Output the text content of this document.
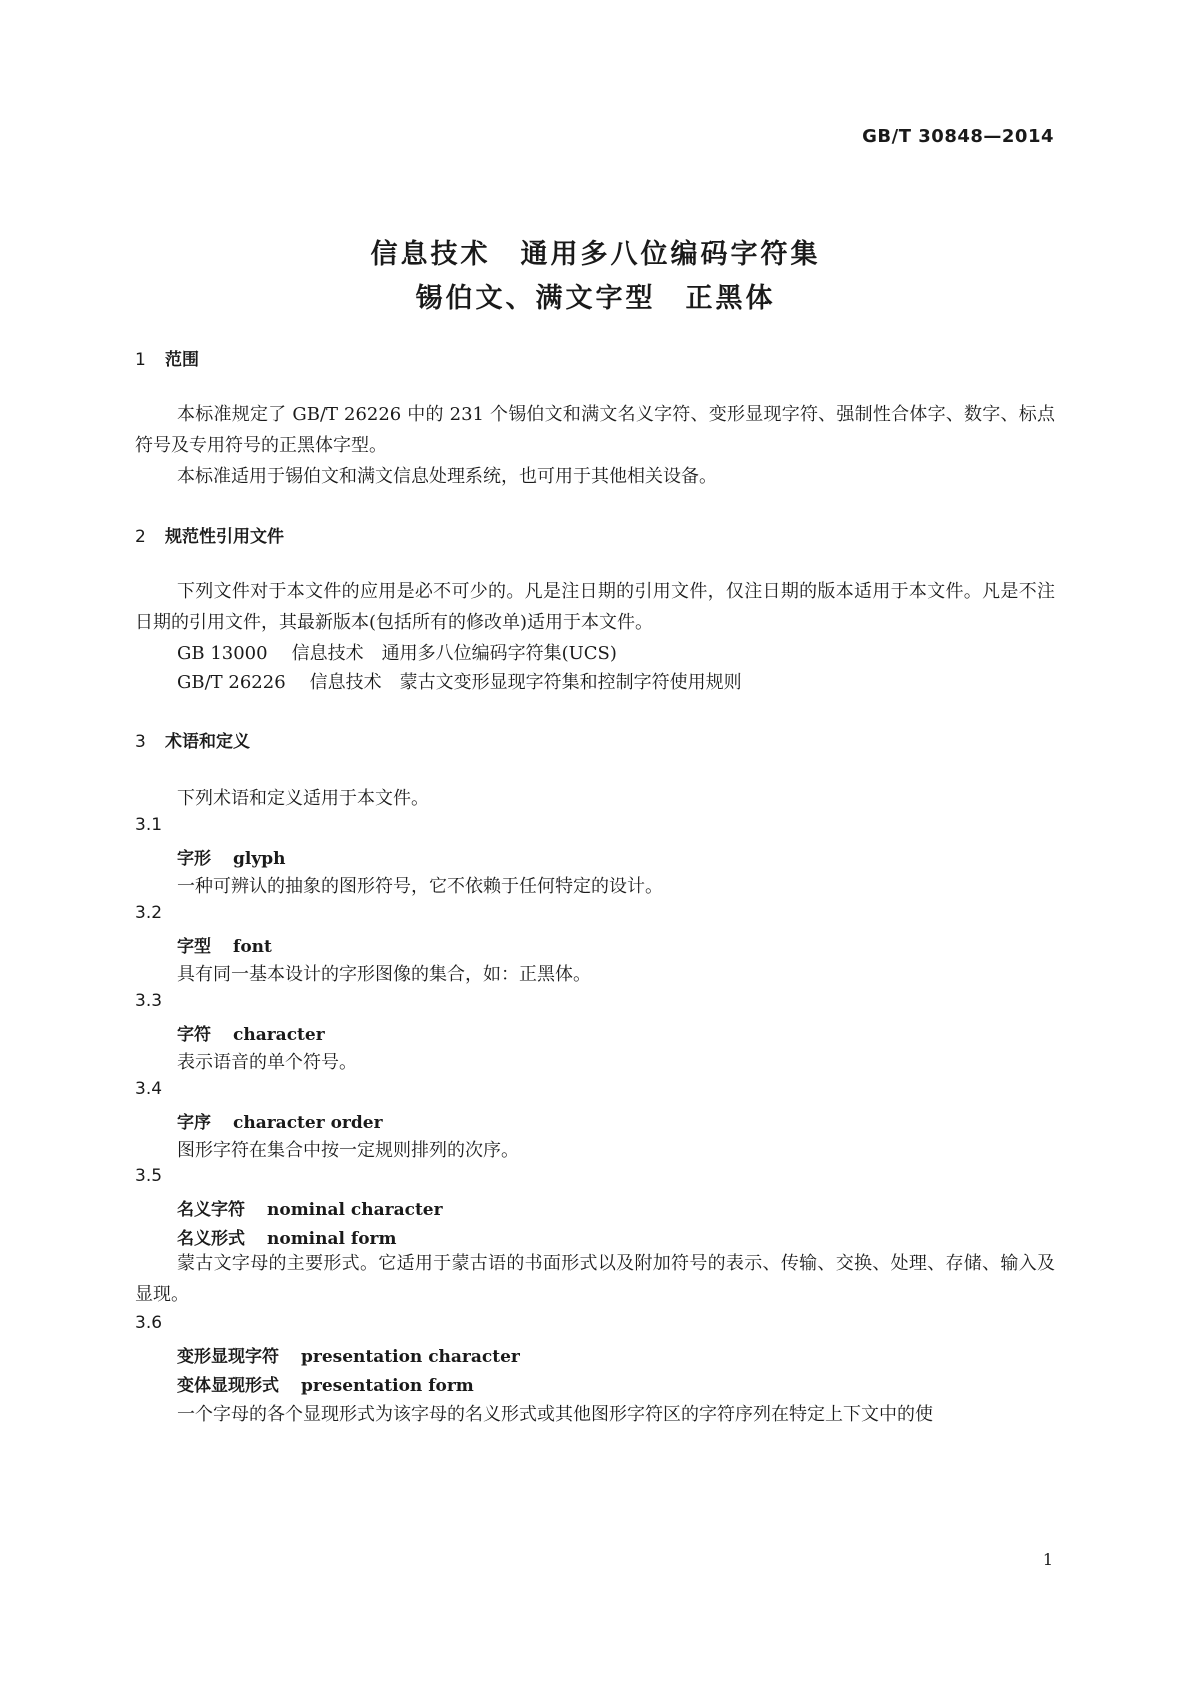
GB/T 30848—2014
信息技术　通用多八位编码字符集
锡伯文、满文字型　正黑体
1 范围
本标准规定了 GB/T 26226 中的 231 个锡伯文和满文名义字符、变形显现字符、强制性合体字、数字、标点符号及专用符号的正黑体字型。
本标准适用于锡伯文和满文信息处理系统，也可用于其他相关设备。
2 规范性引用文件
下列文件对于本文件的应用是必不可少的。凡是注日期的引用文件，仅注日期的版本适用于本文件。凡是不注日期的引用文件，其最新版本(包括所有的修改单)适用于本文件。
GB 13000 信息技术　通用多八位编码字符集(UCS)
GB/T 26226 信息技术　蒙古文变形显现字符集和控制字符使用规则
3 术语和定义
下列术语和定义适用于本文件。
3.1
字形 glyph
一种可辨认的抽象的图形符号，它不依赖于任何特定的设计。
3.2
字型 font
具有同一基本设计的字形图像的集合，如：正黑体。
3.3
字符 character
表示语音的单个符号。
3.4
字序 character order
图形字符在集合中按一定规则排列的次序。
3.5
名义字符 nominal character
名义形式 nominal form
蒙古文字母的主要形式。它适用于蒙古语的书面形式以及附加符号的表示、传输、交换、处理、存储、输入及显现。
3.6
变形显现字符 presentation character
变体显现形式 presentation form
一个字母的各个显现形式为该字母的名义形式或其他图形字符区的字符序列在特定上下文中的使
1
